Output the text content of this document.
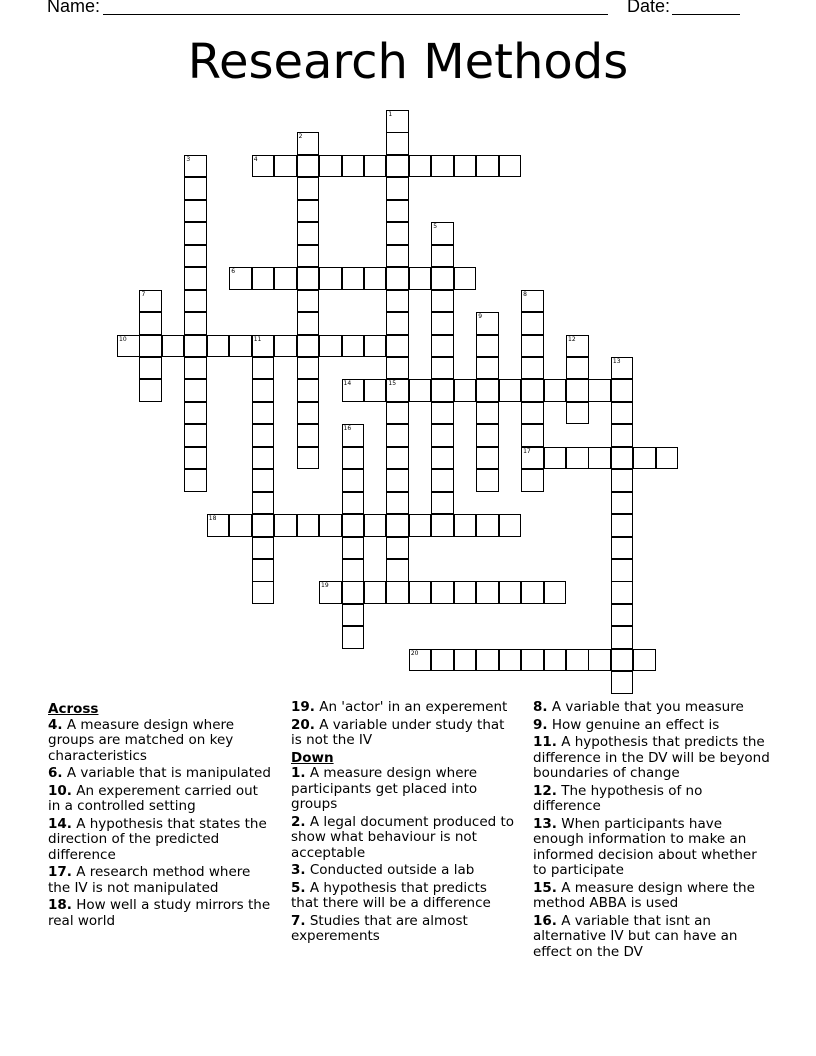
Name:	Date:
Research Methods
1
15
2
3	4
5
6
7	8
17
9
10	11	12
13
14
16
18
19
20
Across
4. A measure design where groups are matched on key characteristics
6. A variable that is manipulated
10. An experement carried out in a controlled setting
14. A hypothesis that states the direction of the predicted difference
17. A research method where the IV is not manipulated
18. How well a study mirrors the real world
19. An 'actor' in an experement
20. A variable under study that is not the IV
Down
1. A measure design where participants get placed into groups
2. A legal document produced to show what behaviour is not acceptable
3. Conducted outside a lab
5. A hypothesis that predicts that there will be a difference
7. Studies that are almost experements
8. A variable that you measure
9. How genuine an effect is
11. A hypothesis that predicts the difference in the DV will be beyond boundaries of change
12. The hypothesis of no difference
13. When participants have enough information to make an informed decision about whether to participate
15. A measure design where the method ABBA is used
16. A variable that isnt an alternative IV but can have an effect on the DV
